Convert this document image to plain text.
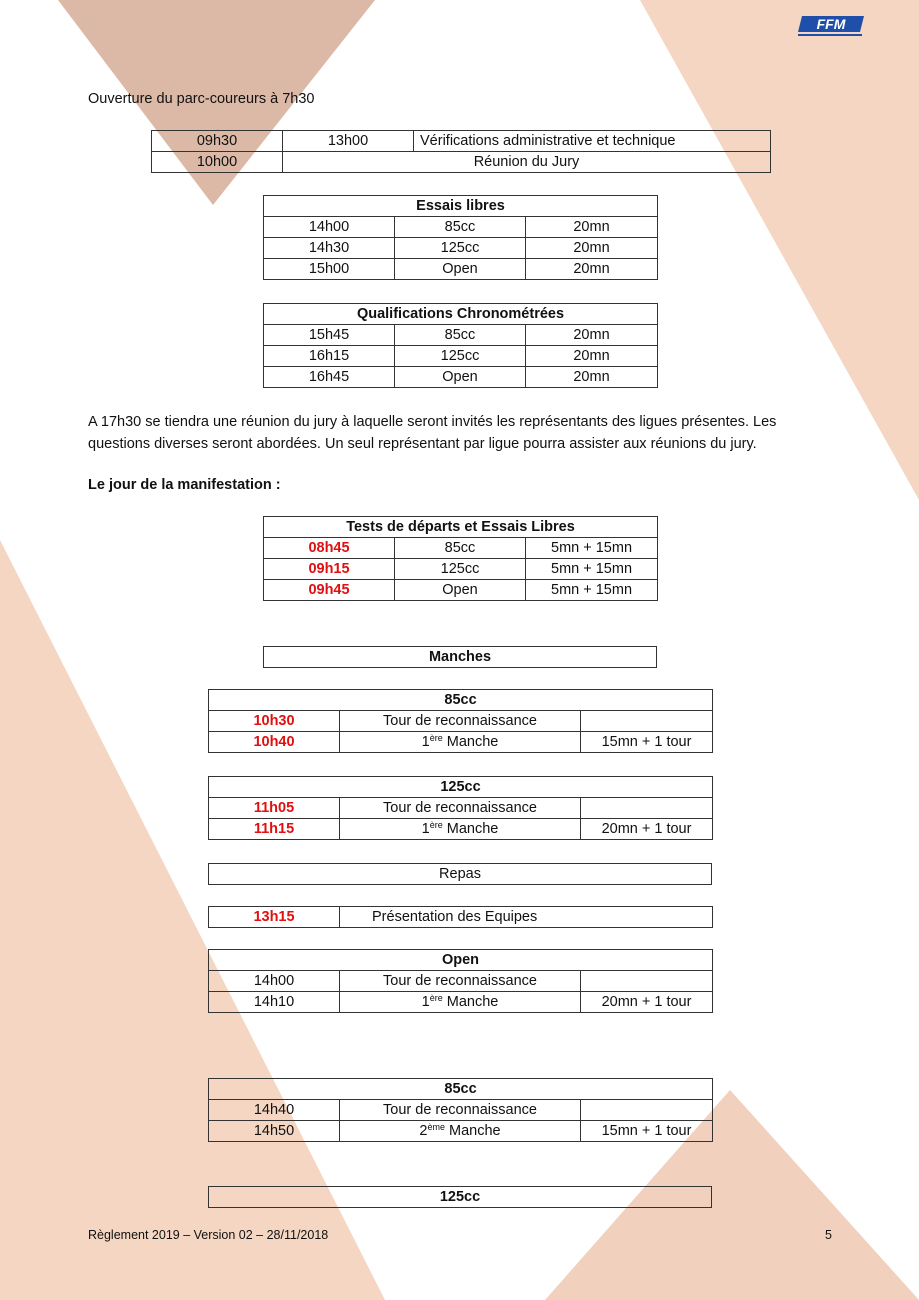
FFM

Ouverture du parc-coureurs à 7h30

09h30	13h00	Vérifications administrative et technique
10h00	Réunion du Jury	
Essais libres		
14h00	85cc	20mn
14h30	125cc	20mn
15h00	Open	20mn
Qualifications Chronométrées		
15h45	85cc	20mn
16h15	125cc	20mn
16h45	Open	20mn

A 17h30 se tiendra une réunion du jury à laquelle seront invités les représentants des ligues présentes. Les questions diverses seront abordées. Un seul représentant par ligue pourra assister aux réunions du jury.

Le jour de la manifestation :

Tests de départs et Essais Libres		
08h45	85cc	5mn + 15mn
09h15	125cc	5mn + 15mn
09h45	Open	5mn + 15mn
Manches
85cc		
10h30	Tour de reconnaissance	
10h40	1ère Manche	15mn + 1 tour
125cc		
11h05	Tour de reconnaissance	
11h15	1ère Manche	20mn + 1 tour
Repas
13h15	Présentation des Equipes
Open		
14h00	Tour de reconnaissance	
14h10	1ère Manche	20mn + 1 tour
85cc		
14h40	Tour de reconnaissance	
14h50	2ème Manche	15mn + 1 tour
125cc
Règlement 2019 – Version 02 – 28/11/2018	5
